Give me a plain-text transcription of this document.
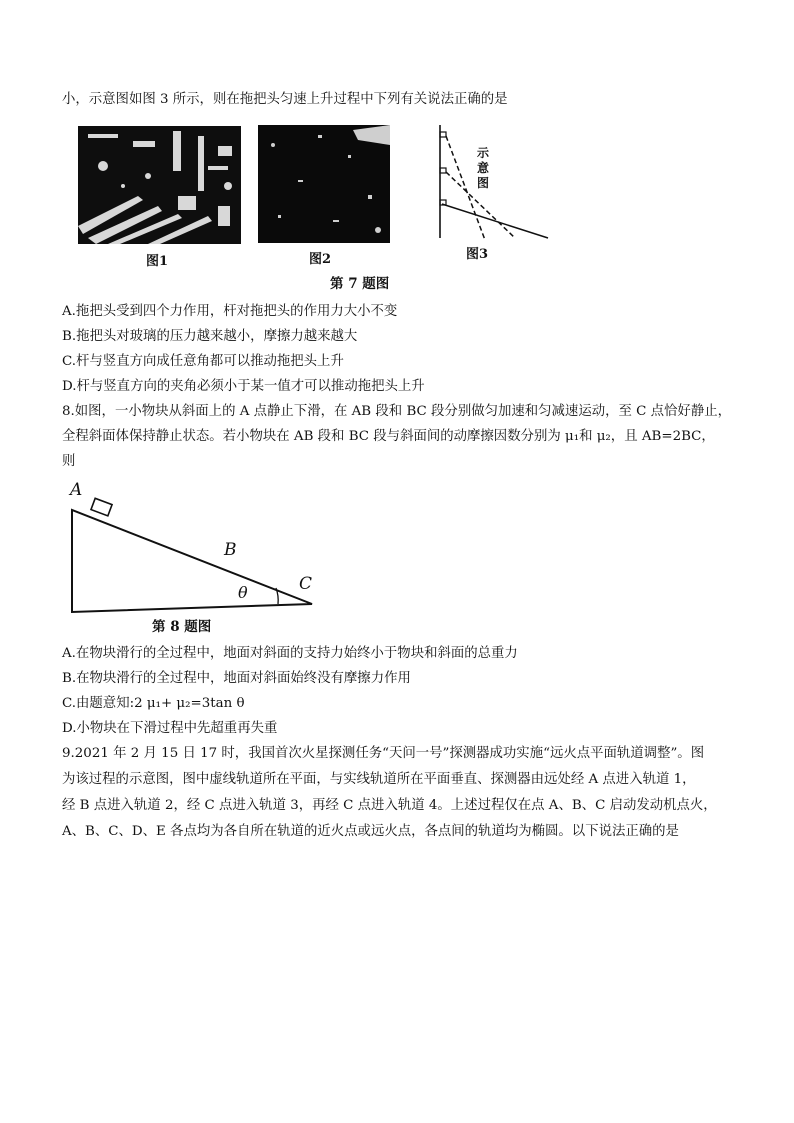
小，示意图如图 3 所示，则在拖把头匀速上升过程中下列有关说法正确的是
图1	图2
示
意
图
图3
第 7 题图
A.拖把头受到四个力作用，杆对拖把头的作用力大小不变
B.拖把头对玻璃的压力越来越小，摩擦力越来越大
C.杆与竖直方向成任意角都可以推动拖把头上升
D.杆与竖直方向的夹角必须小于某一值才可以推动拖把头上升
8.如图，一小物块从斜面上的 A 点静止下滑，在 AB 段和 BC 段分别做匀加速和匀减速运动，至 C 点恰好静止，
全程斜面体保持静止状态。若小物块在 AB 段和 BC 段与斜面间的动摩擦因数分别为 μ₁和 μ₂，且 AB=2BC，
则
A
B
C
θ
第 8 题图
A.在物块滑行的全过程中，地面对斜面的支持力始终小于物块和斜面的总重力
B.在物块滑行的全过程中，地面对斜面始终没有摩擦力作用
C.由题意知:2 μ₁+ μ₂=3tan θ
D.小物块在下滑过程中先超重再失重
9.2021 年 2 月 15 日 17 时，我国首次火星探测任务“天问一号”探测器成功实施“远火点平面轨道调整”。图
为该过程的示意图，图中虚线轨道所在平面，与实线轨道所在平面垂直、探测器由远处经 A 点进入轨道 1，
经 B 点进入轨道 2，经 C 点进入轨道 3，再经 C 点进入轨道 4。上述过程仅在点 A、B、C 启动发动机点火，
A、B、C、D、E 各点均为各自所在轨道的近火点或远火点，各点间的轨道均为椭圆。以下说法正确的是
